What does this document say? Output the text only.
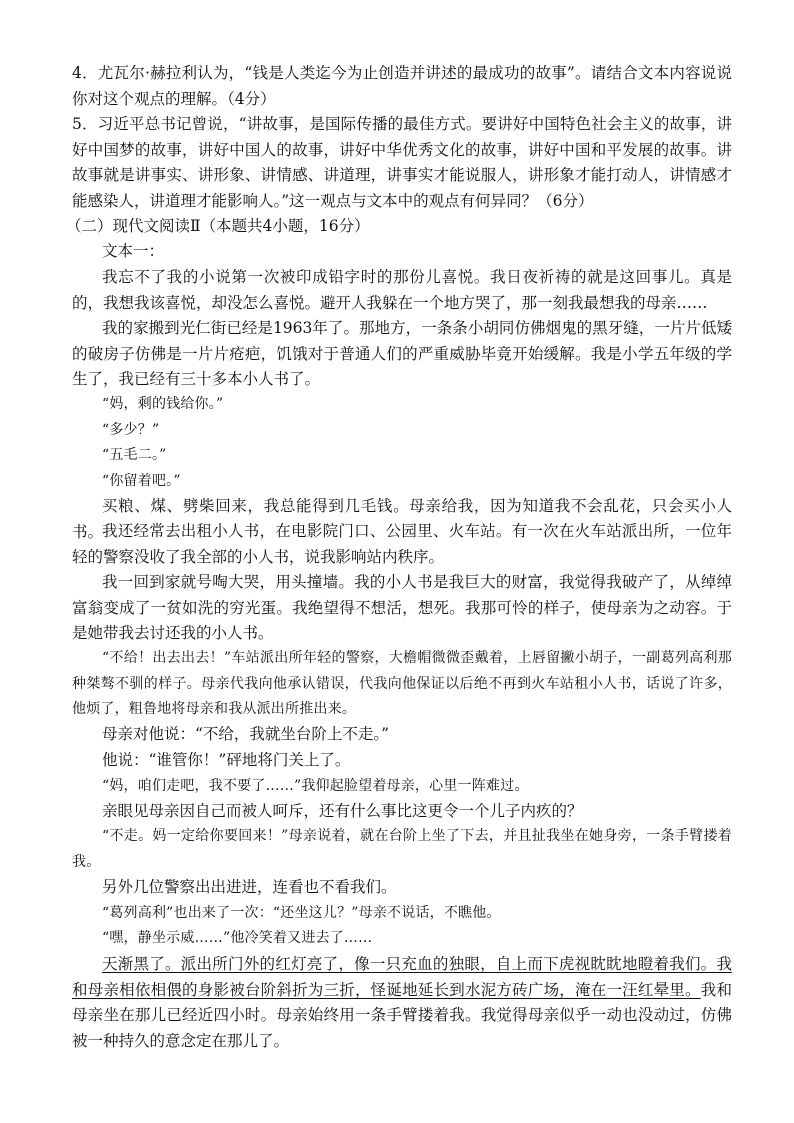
4．尤瓦尔·赫拉利认为，“钱是人类迄今为止创造并讲述的最成功的故事”。请结合文本内容说说你对这个观点的理解。（4分）

5．习近平总书记曾说，“讲故事，是国际传播的最佳方式。要讲好中国特色社会主义的故事，讲好中国梦的故事，讲好中国人的故事，讲好中华优秀文化的故事，讲好中国和平发展的故事。讲故事就是讲事实、讲形象、讲情感、讲道理，讲事实才能说服人，讲形象才能打动人，讲情感才能感染人，讲道理才能影响人。”这一观点与文本中的观点有何异同？（6分）

（二）现代文阅读Ⅱ（本题共4小题，16分）

文本一：

我忘不了我的小说第一次被印成铅字时的那份儿喜悦。我日夜祈祷的就是这回事儿。真是的，我想我该喜悦，却没怎么喜悦。避开人我躲在一个地方哭了，那一刻我最想我的母亲……

我的家搬到光仁街已经是1963年了。那地方，一条条小胡同仿佛烟鬼的黑牙缝，一片片低矮的破房子仿佛是一片片疮疤，饥饿对于普通人们的严重威胁毕竟开始缓解。我是小学五年级的学生了，我已经有三十多本小人书了。

“妈，剩的钱给你。”

“多少？”

“五毛二。”

“你留着吧。”

买粮、煤、劈柴回来，我总能得到几毛钱。母亲给我，因为知道我不会乱花，只会买小人书。

我还经常去出租小人书，在电影院门口、公园里、火车站。有一次在火车站派出所，一位年轻的警察没收了我全部的小人书，说我影响站内秩序。

我一回到家就号啕大哭，用头撞墙。我的小人书是我巨大的财富，我觉得我破产了，从绰绰富翁变成了一贫如洗的穷光蛋。我绝望得不想活，想死。我那可怜的样子，使母亲为之动容。于是她带我去讨还我的小人书。

“不给！出去出去！”车站派出所年轻的警察，大檐帽微微歪戴着，上唇留撇小胡子，一副葛列高利那种桀骜不驯的样子。母亲代我向他承认错误，代我向他保证以后绝不再到火车站租小人书，话说了许多，他烦了，粗鲁地将母亲和我从派出所推出来。

母亲对他说：“不给，我就坐台阶上不走。”

他说：“谁管你！”砰地将门关上了。

“妈，咱们走吧，我不要了……”我仰起脸望着母亲，心里一阵难过。

亲眼见母亲因自己而被人呵斥，还有什么事比这更令一个儿子内疚的？

“不走。妈一定给你要回来！”母亲说着，就在台阶上坐了下去，并且扯我坐在她身旁，一条手臂搂着我。

另外几位警察出出进进，连看也不看我们。

“葛列高利”也出来了一次：“还坐这儿？”母亲不说话，不瞧他。

“嘿，静坐示威……”他冷笑着又进去了……

天渐黑了。派出所门外的红灯亮了，像一只充血的独眼，自上而下虎视眈眈地瞪着我们。我和母亲相依相偎的身影被台阶斜折为三折，怪诞地延长到水泥方砖广场，淹在一汪红晕里。我和母亲坐在那儿已经近四小时。母亲始终用一条手臂搂着我。我觉得母亲似乎一动也没动过，仿佛被一种持久的意念定在那儿了。
